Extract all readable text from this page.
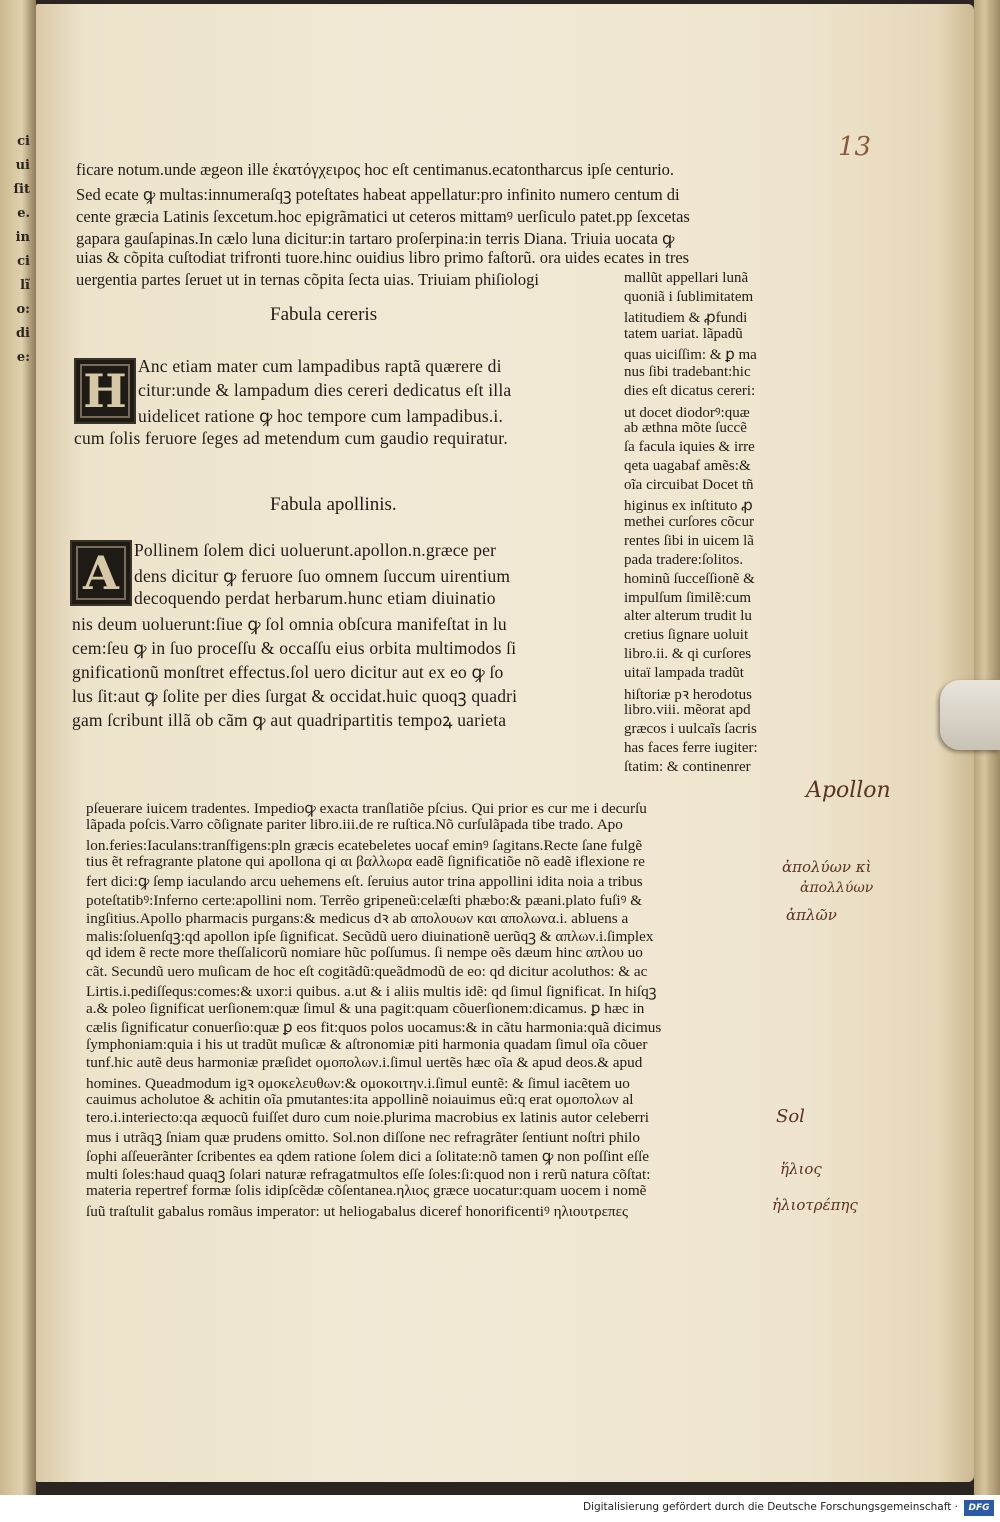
ci
ui
ſit
e.
in
ci
lĩ
o:
di
e:
13
ficare notum.unde ægeon ille ἑκατόγχειρος hoc eſt centimanus.ecatontharcus ipſe centurio.
Sed ecate ꝙ multas:innumeraſqꝫ poteſtates habeat appellatur:pro infinito numero centum di
cente græcia Latinis ſexcetum.hoc epigrãmatici ut ceteros mittamꝰ uerſiculo patet.pp ſexcetas
gapara gauſapinas.In cælo luna dicitur:in tartaro proſerpina:in terris Diana. Triuia uocata ꝙ
uias & cõpita cuſtodiat trifronti tuore.hinc ouidius libro primo faſtorũ. ora uides ecates in tres
uergentia partes ſeruet ut in ternas cõpita ſecta uias. Triuiam phiſiologi
Fabula cereris
H Anc etiam mater cum lampadibus raptã quærere di
citur:unde & lampadum dies cereri dedicatus eſt illa
uidelicet ratione ꝙ hoc tempore cum lampadibus.i.
cum ſolis feruore ſeges ad metendum cum gaudio requiratur.
Fabula apollinis.
A Pollinem ſolem dici uoluerunt.apollon.n.græce per
dens dicitur ꝙ feruore ſuo omnem ſuccum uirentium
decoquendo perdat herbarum.hunc etiam diuinatio
nis deum uoluerunt:ſiue ꝙ ſol omnia obſcura manifeſtat in lu
cem:ſeu ꝙ in ſuo proceſſu & occaſſu eius orbita multimodos ſi
gnificationũ monſtret effectus.ſol uero dicitur aut ex eo ꝙ ſo
lus ſit:aut ꝙ ſolite per dies ſurgat & occidat.huic quoqꝫ quadri
gam ſcribunt illã ob cãm ꝙ aut quadripartitis tempoꝝ uarieta
mallũt appellari lunã
quoniã i ſublimitatem
latitudiem & ꝓfundi
tatem uariat. lãpadũ
quas uiciſſim: & ꝑ ma
nus ſibi tradebant:hic
dies eſt dicatus cereri:
ut docet diodorꝰ:quæ
ab æthna mõte ſuccẽ
ſa facula iquies & irre
qeta uagabaf amẽs:&
oĩa circuibat Docet tñ
higinus ex inſtituto ꝓ
methei curſores cõcur
rentes ſibi in uicem lã
pada tradere:ſolitos.
hominũ ſucceſſionẽ &
impulſum ſimilẽ:cum
alter alterum trudit lu
cretius ſignare uoluit
libro.ii. & qi curſores
uitaï lampada tradũt
hiſtoriæ pꝛ herodotus
libro.viii. mẽorat apd
græcos i uulcaĩs ſacris
has faces ferre iugiter:
ſtatim: & continenrer
pſeuerare iuicem tradentes. Impedioꝙ exacta tranſlatiõe pſcius. Qui prior es cur me i decurſu
lãpada poſcis.Varro cõſignate pariter libro.iii.de re ruſtica.Nõ curſulãpada tibe trado. Apo
lon.feries:Iaculans:tranſfigens:pln græcis ecatebeletes uocaf eminꝰ ſagitans.Recte ſane fulgẽ
tius ẽt refragrante platone qui apollona qi αι βαλλωρα eadẽ ſignificatiõe nõ eadẽ iflexione re
fert dici:ꝙ ſemp iaculando arcu uehemens eſt. ſeruius autor trina appollini idita noia a tribus
poteſtatibꝰ:Inferno certe:apollini nom. Terrẽo gripeneũ:celæſti phæbo:& pæani.plato fuſiꝰ &
ingſitius.Apollo pharmacis purgans:& medicus dꝛ ab απολουων και απολωνα.i. abluens a
malis:ſoluenſqꝫ:qd apollon ipſe ſignificat. Secũdũ uero diuinationẽ uerũqꝫ & απλων.i.ſimplex
qd idem ẽ recte more theſſalicorũ nomiare hũc poſſumus. ſi nempe oẽs dæum hinc απλου uo
cãt. Secundũ uero muſicam de hoc eſt cogitãdũ:queãdmodũ de eo: qd dicitur acoluthos: & ac
Lirtis.i.pediſſequs:comes:& uxor:i quibus. a.ut & i aliis multis idẽ: qd ſimul ſignificat. In hiſqꝫ
a.& poleo ſignificat uerſionem:quæ ſimul & una pagit:quam cõuerſionem:dicamus. ꝑ hæc in
cælis ſignificatur conuerſio:quæ ꝑ eos fit:quos polos uocamus:& in cãtu harmonia:quã dicimus
ſymphoniam:quia i his ut tradũt muſicæ & aſtronomiæ piti harmonia quadam ſimul oĩa cõuer
tunf.hic autẽ deus harmoniæ præſidet ομοπολων.i.ſimul uertẽs hæc oĩa & apud deos.& apud
homines. Queadmodum igꝛ ομοκελευθων:& ομοκοιτην.i.ſimul euntẽ: & ſimul iacẽtem uo
cauimus acholutoe & achitin oĩa pmutantes:ita appollinẽ noiauimus eũ:q erat ομοπολων al
tero.i.interiecto:qa æquocũ fuiſſet duro cum noie.plurima macrobius ex latinis autor celeberri
mus i utrãqꝫ ſniam quæ prudens omitto. Sol.non diſſone nec refragrãter ſentiunt noſtri philo
ſophi aſſeuerãnter ſcribentes ea qdem ratione ſolem dici a ſolitate:nõ tamen ꝙ non poſſint eſſe
multi ſoles:haud quaqꝫ ſolari naturæ refragatmultos eſſe ſoles:ſi:quod non i rerũ natura cõſtat:
materia repertref formæ ſolis idipſcẽdæ cõſentanea.ηλιος græce uocatur:quam uocem i nomẽ
ſuũ traſtulit gabalus romãus imperator: ut heliogabalus diceref honorificentiꝰ ηλιουτρεπες
Apollon
ἀπολύων κὶ
ἀπολλύων
ἁπλῶν
Sol
ἥλιος
ἡλιοτρέπης
Digitalisierung gefördert durch die Deutsche Forschungsgemeinschaft ·	DFG
